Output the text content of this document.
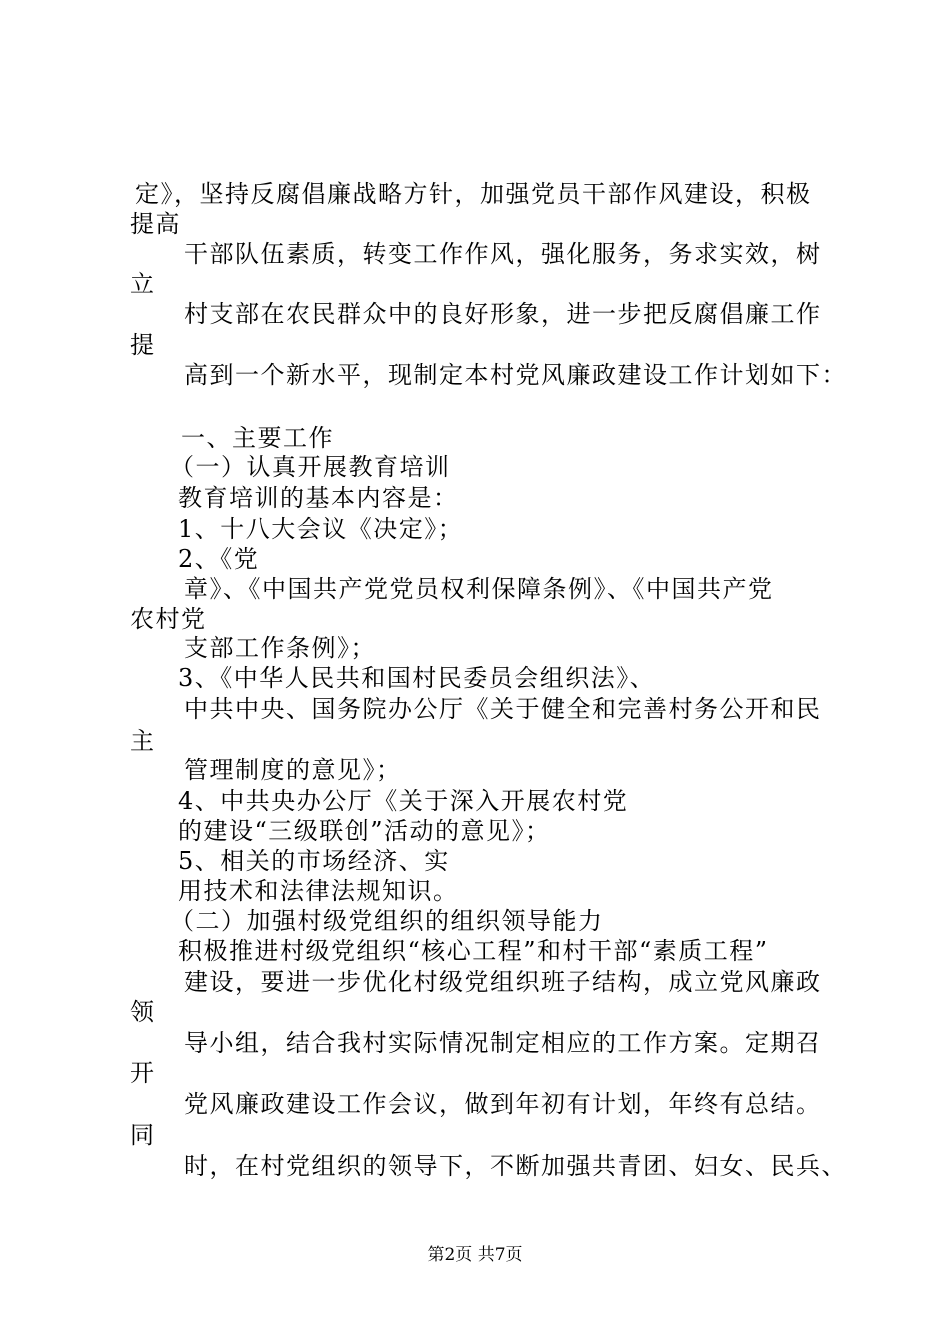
定》，坚持反腐倡廉战略方针，加强党员干部作风建设，积极
提高
干部队伍素质，转变工作作风，强化服务，务求实效，树
立
村支部在农民群众中的良好形象，进一步把反腐倡廉工作
提
高到一个新水平，现制定本村党风廉政建设工作计划如下：
一、主要工作
（一）认真开展教育培训
教育培训的基本内容是：
1、十八大会议《决定》；
2、《党
章》、《中国共产党党员权利保障条例》、《中国共产党
农村党
支部工作条例》；
3、《中华人民共和国村民委员会组织法》、
中共中央、国务院办公厅《关于健全和完善村务公开和民
主
管理制度的意见》；
4、中共央办公厅《关于深入开展农村党
的建设“三级联创”活动的意见》；
5、相关的市场经济、实
用技术和法律法规知识。
（二）加强村级党组织的组织领导能力
积极推进村级党组织“核心工程”和村干部“素质工程”
建设，要进一步优化村级党组织班子结构，成立党风廉政
领
导小组，结合我村实际情况制定相应的工作方案。定期召
开
党风廉政建设工作会议，做到年初有计划，年终有总结。
同
时，在村党组织的领导下，不断加强共青团、妇女、民兵、
第2页 共7页
